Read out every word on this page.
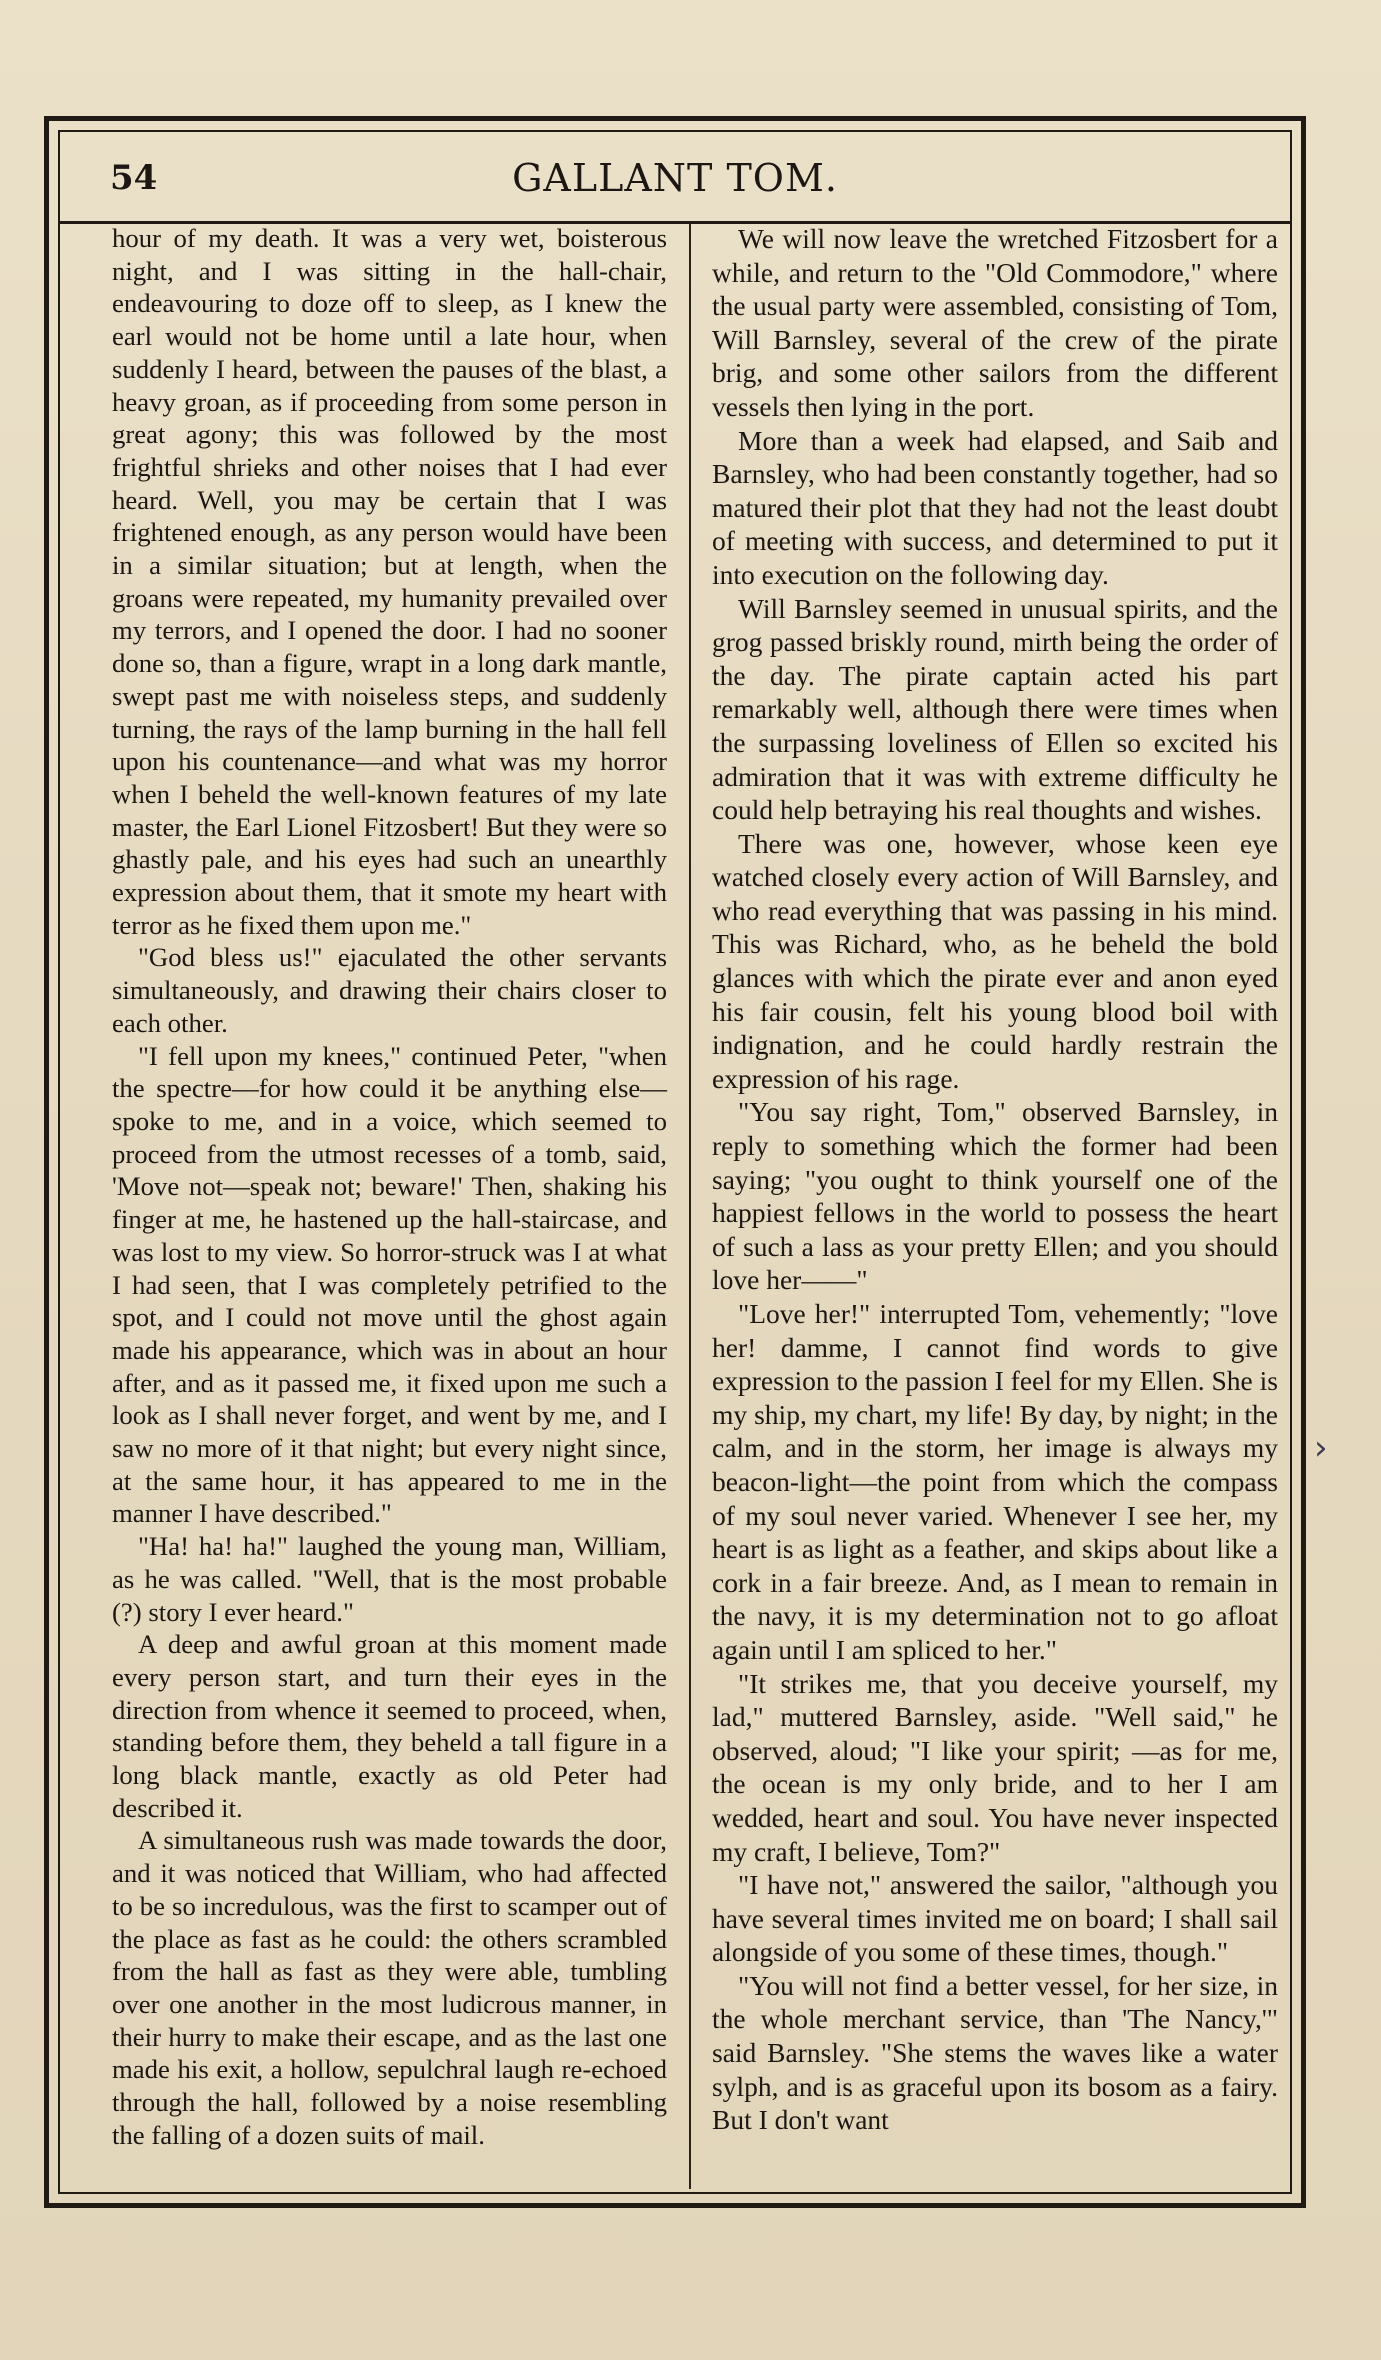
54	GALLANT TOM.

hour of my death. It was a very wet, boisterous night, and I was sitting in the hall-chair, endeavouring to doze off to sleep, as I knew the earl would not be home until a late hour, when suddenly I heard, between the pauses of the blast, a heavy groan, as if proceeding from some person in great agony; this was followed by the most frightful shrieks and other noises that I had ever heard. Well, you may be certain that I was frightened enough, as any person would have been in a similar situation; but at length, when the groans were repeated, my humanity prevailed over my terrors, and I opened the door. I had no sooner done so, than a figure, wrapt in a long dark mantle, swept past me with noiseless steps, and suddenly turning, the rays of the lamp burning in the hall fell upon his countenance—and what was my horror when I beheld the well-known features of my late master, the Earl Lionel Fitzosbert! But they were so ghastly pale, and his eyes had such an unearthly expression about them, that it smote my heart with terror as he fixed them upon me."

"God bless us!" ejaculated the other servants simultaneously, and drawing their chairs closer to each other.

"I fell upon my knees," continued Peter, "when the spectre—for how could it be anything else—spoke to me, and in a voice, which seemed to proceed from the utmost recesses of a tomb, said, 'Move not—speak not; beware!' Then, shaking his finger at me, he hastened up the hall-staircase, and was lost to my view. So horror-struck was I at what I had seen, that I was completely petrified to the spot, and I could not move until the ghost again made his appearance, which was in about an hour after, and as it passed me, it fixed upon me such a look as I shall never forget, and went by me, and I saw no more of it that night; but every night since, at the same hour, it has appeared to me in the manner I have described."

"Ha! ha! ha!" laughed the young man, William, as he was called. "Well, that is the most probable (?) story I ever heard."

A deep and awful groan at this moment made every person start, and turn their eyes in the direction from whence it seemed to proceed, when, standing before them, they beheld a tall figure in a long black mantle, exactly as old Peter had described it.

A simultaneous rush was made towards the door, and it was noticed that William, who had affected to be so incredulous, was the first to scamper out of the place as fast as he could: the others scrambled from the hall as fast as they were able, tumbling over one another in the most ludicrous manner, in their hurry to make their escape, and as the last one made his exit, a hollow, sepulchral laugh re-echoed through the hall, followed by a noise resembling the falling of a dozen suits of mail.

We will now leave the wretched Fitzosbert for a while, and return to the "Old Commodore," where the usual party were assembled, consisting of Tom, Will Barnsley, several of the crew of the pirate brig, and some other sailors from the different vessels then lying in the port.

More than a week had elapsed, and Saib and Barnsley, who had been constantly together, had so matured their plot that they had not the least doubt of meeting with success, and determined to put it into execution on the following day.

Will Barnsley seemed in unusual spirits, and the grog passed briskly round, mirth being the order of the day. The pirate captain acted his part remarkably well, although there were times when the surpassing loveliness of Ellen so excited his admiration that it was with extreme difficulty he could help betraying his real thoughts and wishes.

There was one, however, whose keen eye watched closely every action of Will Barnsley, and who read everything that was passing in his mind. This was Richard, who, as he beheld the bold glances with which the pirate ever and anon eyed his fair cousin, felt his young blood boil with indignation, and he could hardly restrain the expression of his rage.

"You say right, Tom," observed Barnsley, in reply to something which the former had been saying; "you ought to think yourself one of the happiest fellows in the world to possess the heart of such a lass as your pretty Ellen; and you should love her——"

"Love her!" interrupted Tom, vehemently; "love her! damme, I cannot find words to give expression to the passion I feel for my Ellen. She is my ship, my chart, my life! By day, by night; in the calm, and in the storm, her image is always my beacon-light—the point from which the compass of my soul never varied. Whenever I see her, my heart is as light as a feather, and skips about like a cork in a fair breeze. And, as I mean to remain in the navy, it is my determination not to go afloat again until I am spliced to her."

"It strikes me, that you deceive yourself, my lad," muttered Barnsley, aside. "Well said," he observed, aloud; "I like your spirit; —as for me, the ocean is my only bride, and to her I am wedded, heart and soul. You have never inspected my craft, I believe, Tom?"

"I have not," answered the sailor, "although you have several times invited me on board; I shall sail alongside of you some of these times, though."

"You will not find a better vessel, for her size, in the whole merchant service, than 'The Nancy,'" said Barnsley. "She stems the waves like a water sylph, and is as graceful upon its bosom as a fairy. But I don't want

›
